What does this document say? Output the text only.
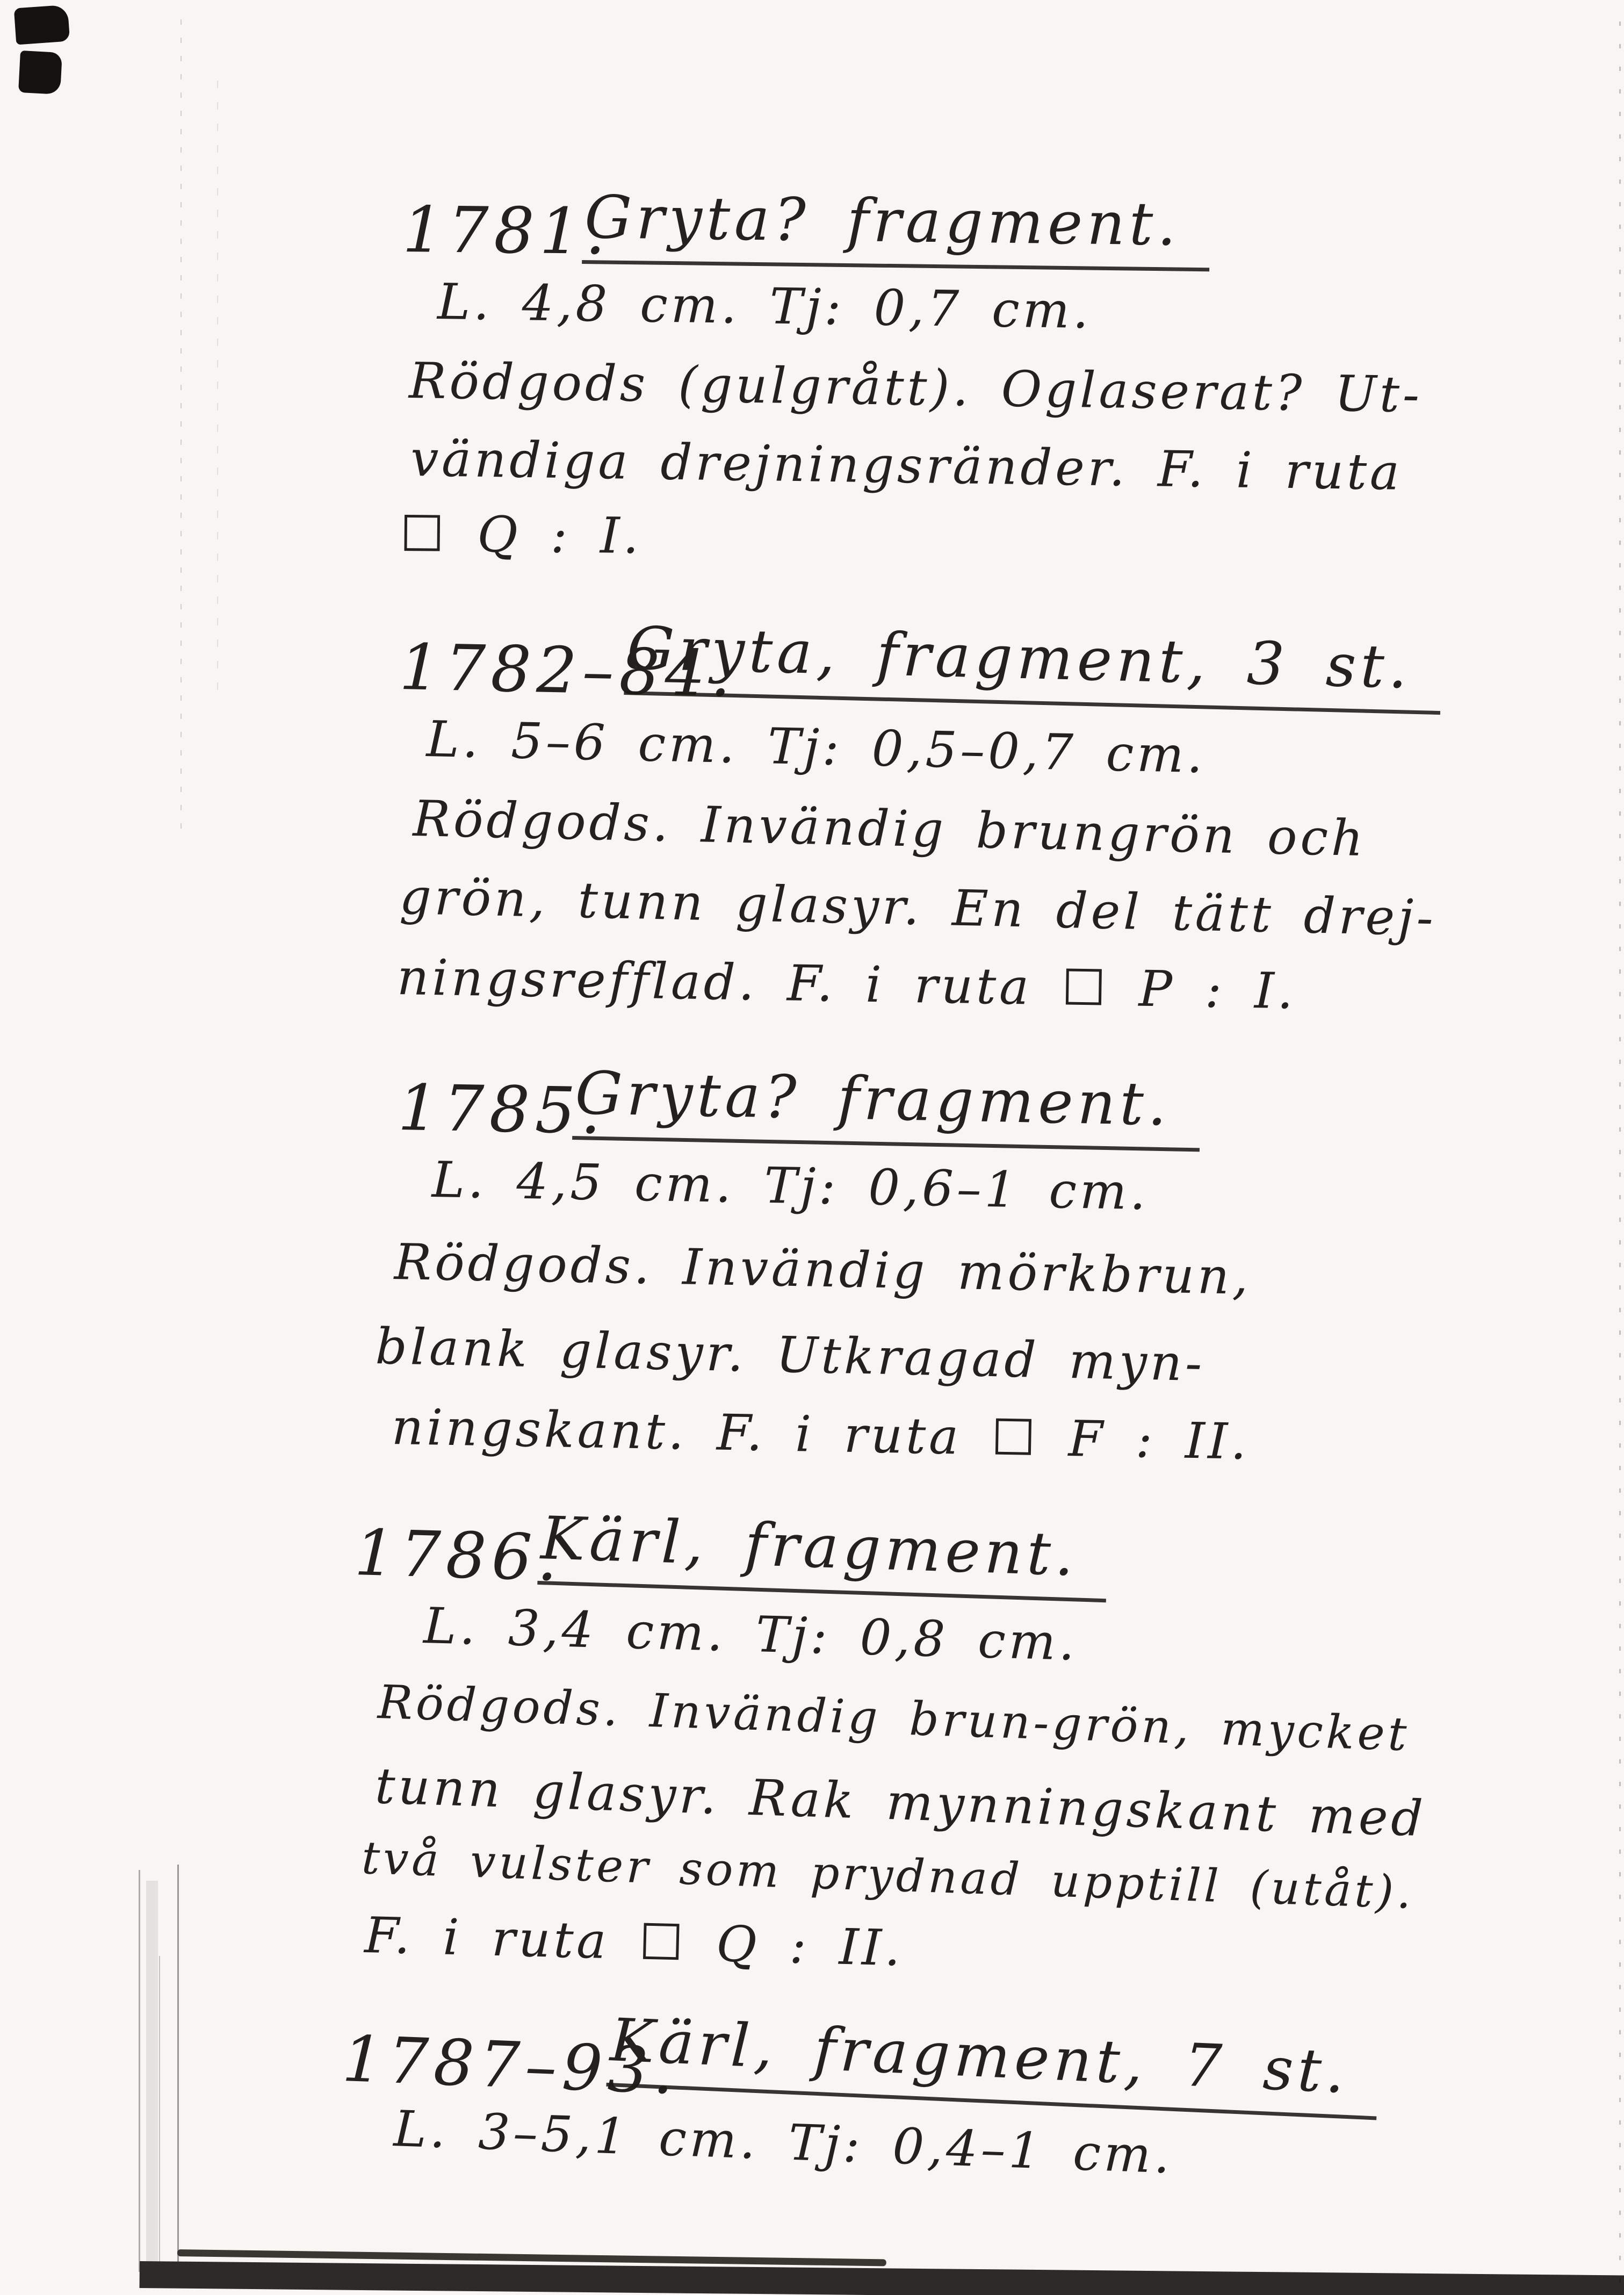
1781.
Gryta? fragment.
L. 4,8 cm. Tj: 0,7 cm.
Rödgods (gulgrått). Oglaserat? Ut-
vändiga drejningsränder. F. i ruta
☐ Q : I.
1782–84.
Gryta, fragment, 3 st.
L. 5–6 cm. Tj: 0,5–0,7 cm.
Rödgods. Invändig brungrön och
grön, tunn glasyr. En del tätt drej-
ningsrefflad. F. i ruta ☐ P : I.
1785.
Gryta? fragment.
L. 4,5 cm. Tj: 0,6–1 cm.
Rödgods. Invändig mörkbrun,
blank glasyr. Utkragad myn-
ningskant. F. i ruta ☐ F : II.
1786.
Kärl, fragment.
L. 3,4 cm. Tj: 0,8 cm.
Rödgods. Invändig brun-grön, mycket
tunn glasyr. Rak mynningskant med
två vulster som prydnad upptill (utåt).
F. i ruta ☐ Q : II.
1787–93.
Kärl, fragment, 7 st.
L. 3–5,1 cm. Tj: 0,4–1 cm.
